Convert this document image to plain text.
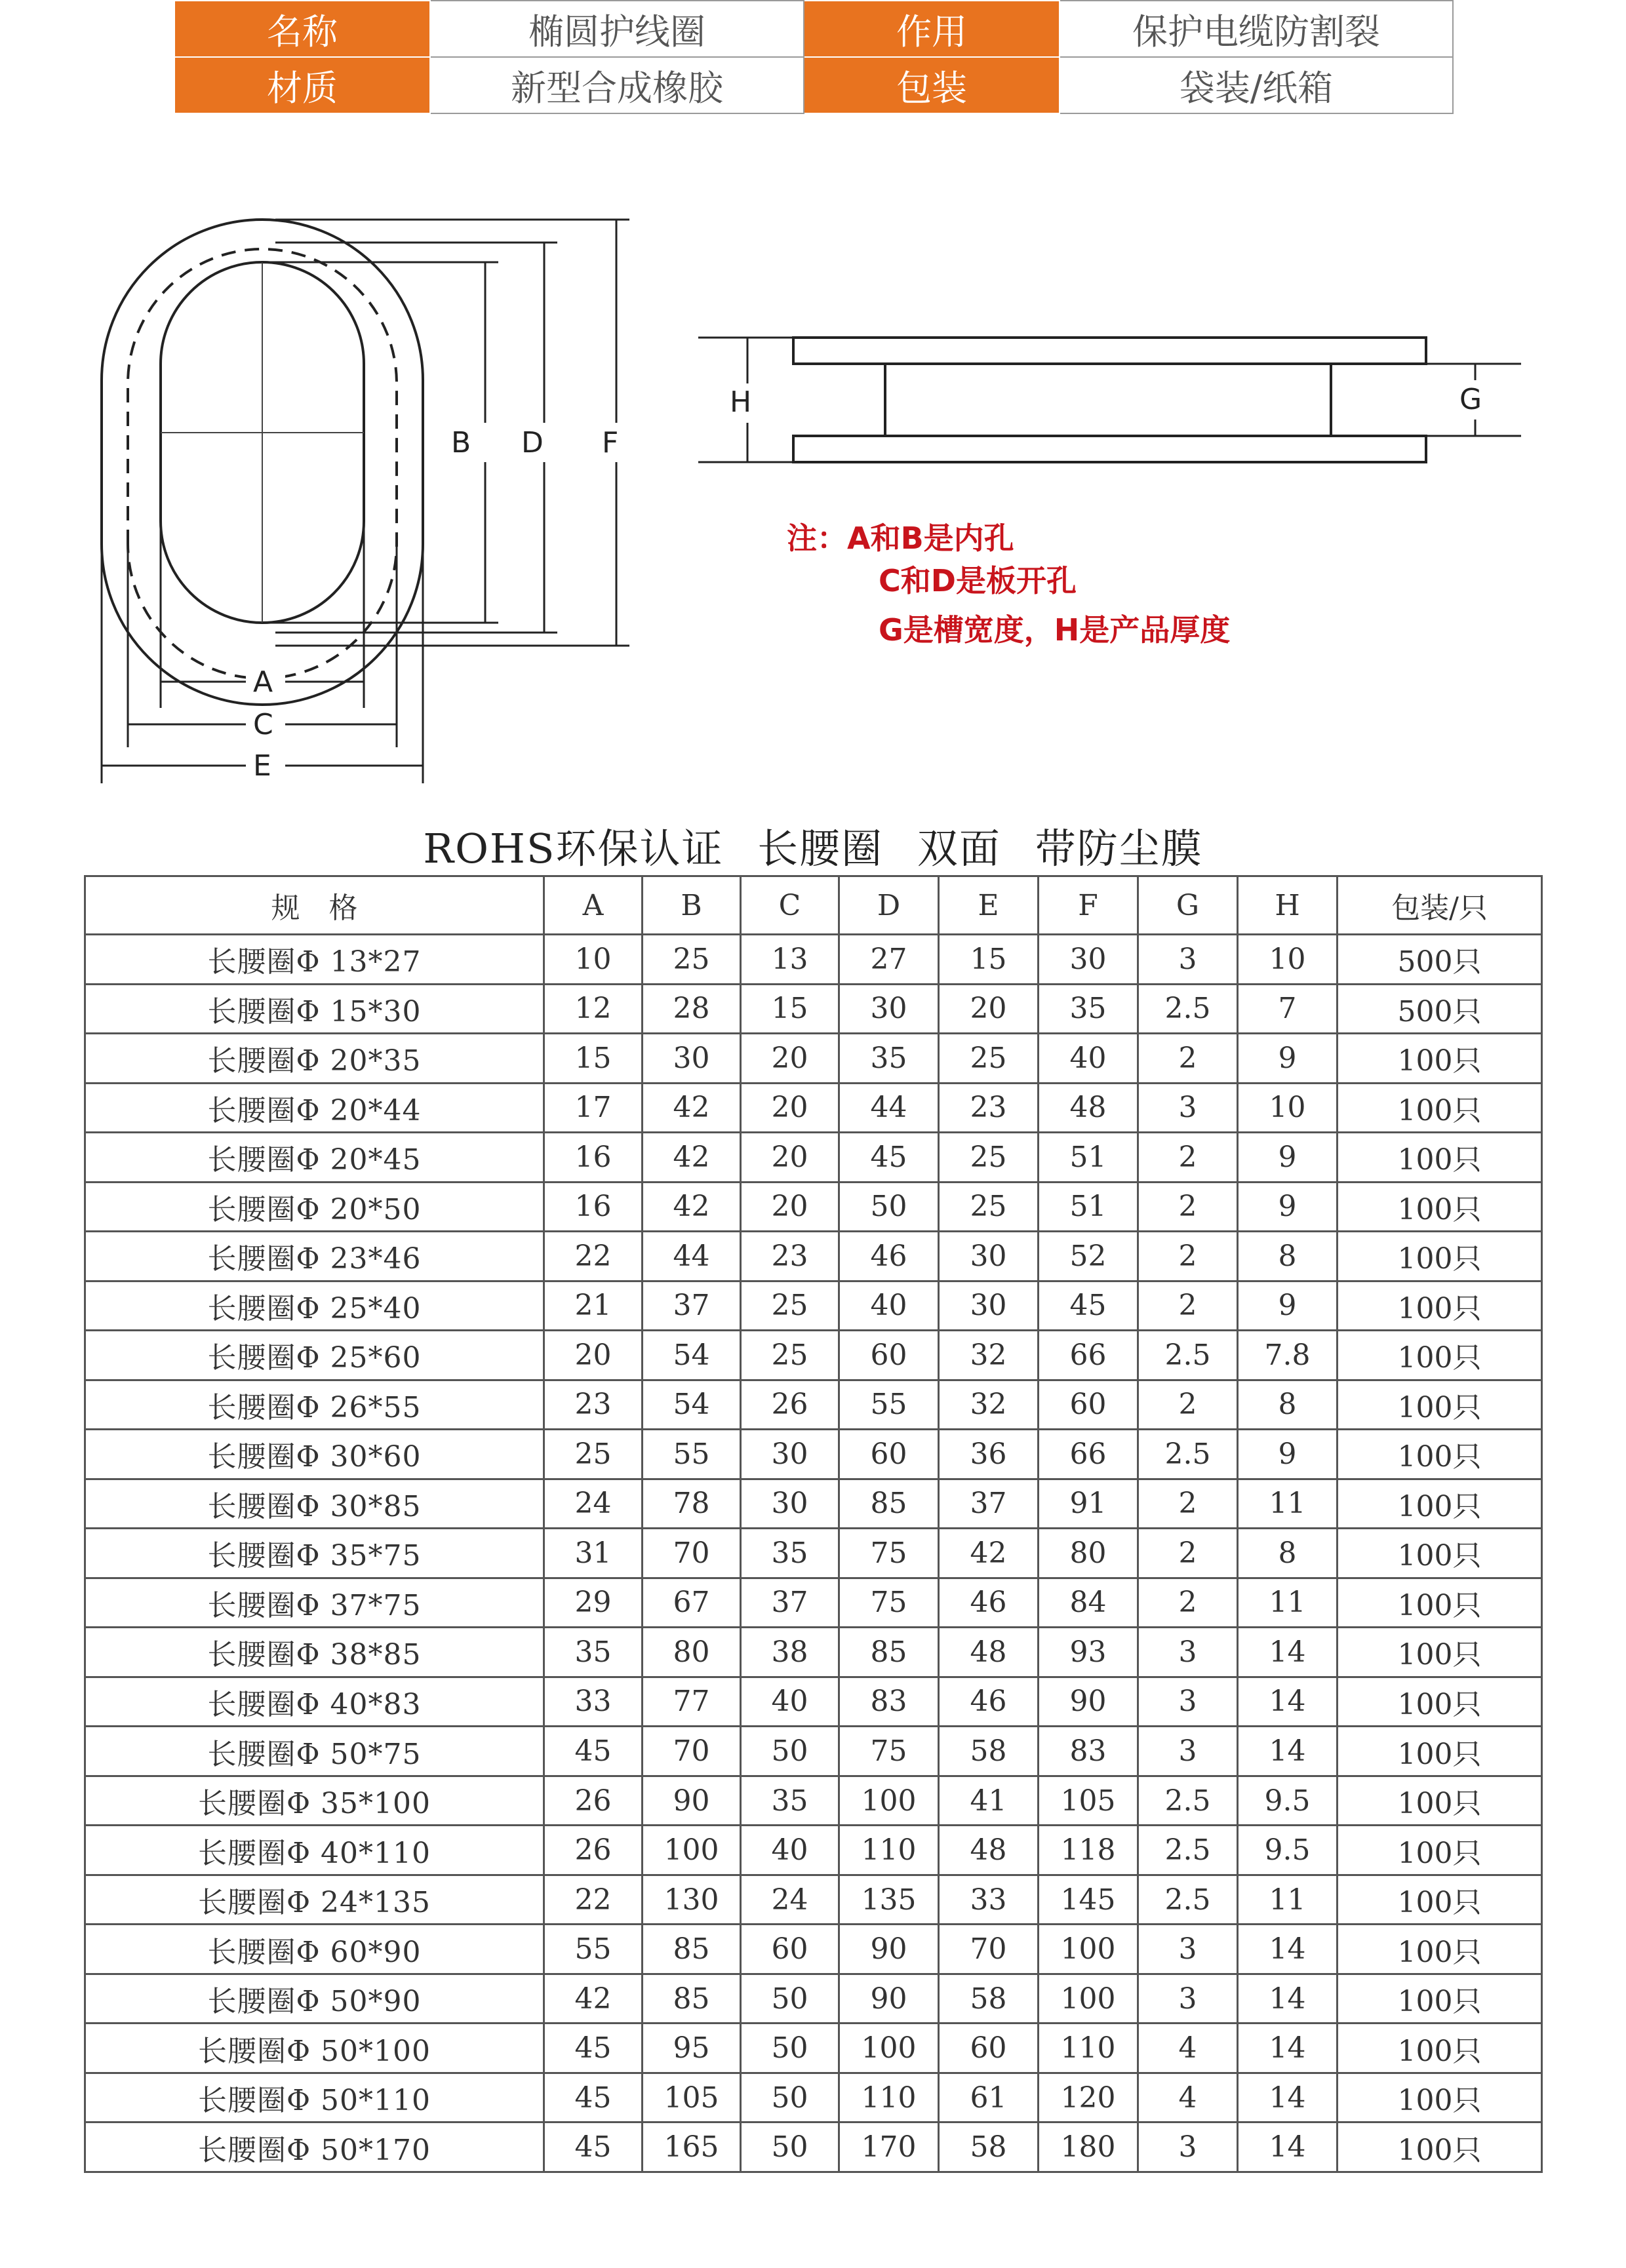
名称	椭圆护线圈	作用	保护电缆防割裂
材质	新型合成橡胶	包装	袋装/纸箱
B D F
A
C
E
H	G
注：A和B是内孔
C和D是板开孔
G是槽宽度，H是产品厚度
ROHS环保认证 长腰圈 双面 带防尘膜
规　格	A	B	C	D	E	F	G	H	包装/只
长腰圈Φ 13*27	10	25	13	27	15	30	3	10	500只
长腰圈Φ 15*30	12	28	15	30	20	35	2.5	7	500只
长腰圈Φ 20*35	15	30	20	35	25	40	2	9	100只
长腰圈Φ 20*44	17	42	20	44	23	48	3	10	100只
长腰圈Φ 20*45	16	42	20	45	25	51	2	9	100只
长腰圈Φ 20*50	16	42	20	50	25	51	2	9	100只
长腰圈Φ 23*46	22	44	23	46	30	52	2	8	100只
长腰圈Φ 25*40	21	37	25	40	30	45	2	9	100只
长腰圈Φ 25*60	20	54	25	60	32	66	2.5	7.8	100只
长腰圈Φ 26*55	23	54	26	55	32	60	2	8	100只
长腰圈Φ 30*60	25	55	30	60	36	66	2.5	9	100只
长腰圈Φ 30*85	24	78	30	85	37	91	2	11	100只
长腰圈Φ 35*75	31	70	35	75	42	80	2	8	100只
长腰圈Φ 37*75	29	67	37	75	46	84	2	11	100只
长腰圈Φ 38*85	35	80	38	85	48	93	3	14	100只
长腰圈Φ 40*83	33	77	40	83	46	90	3	14	100只
长腰圈Φ 50*75	45	70	50	75	58	83	3	14	100只
长腰圈Φ 35*100	26	90	35	100	41	105	2.5	9.5	100只
长腰圈Φ 40*110	26	100	40	110	48	118	2.5	9.5	100只
长腰圈Φ 24*135	22	130	24	135	33	145	2.5	11	100只
长腰圈Φ 60*90	55	85	60	90	70	100	3	14	100只
长腰圈Φ 50*90	42	85	50	90	58	100	3	14	100只
长腰圈Φ 50*100	45	95	50	100	60	110	4	14	100只
长腰圈Φ 50*110	45	105	50	110	61	120	4	14	100只
长腰圈Φ 50*170	45	165	50	170	58	180	3	14	100只
